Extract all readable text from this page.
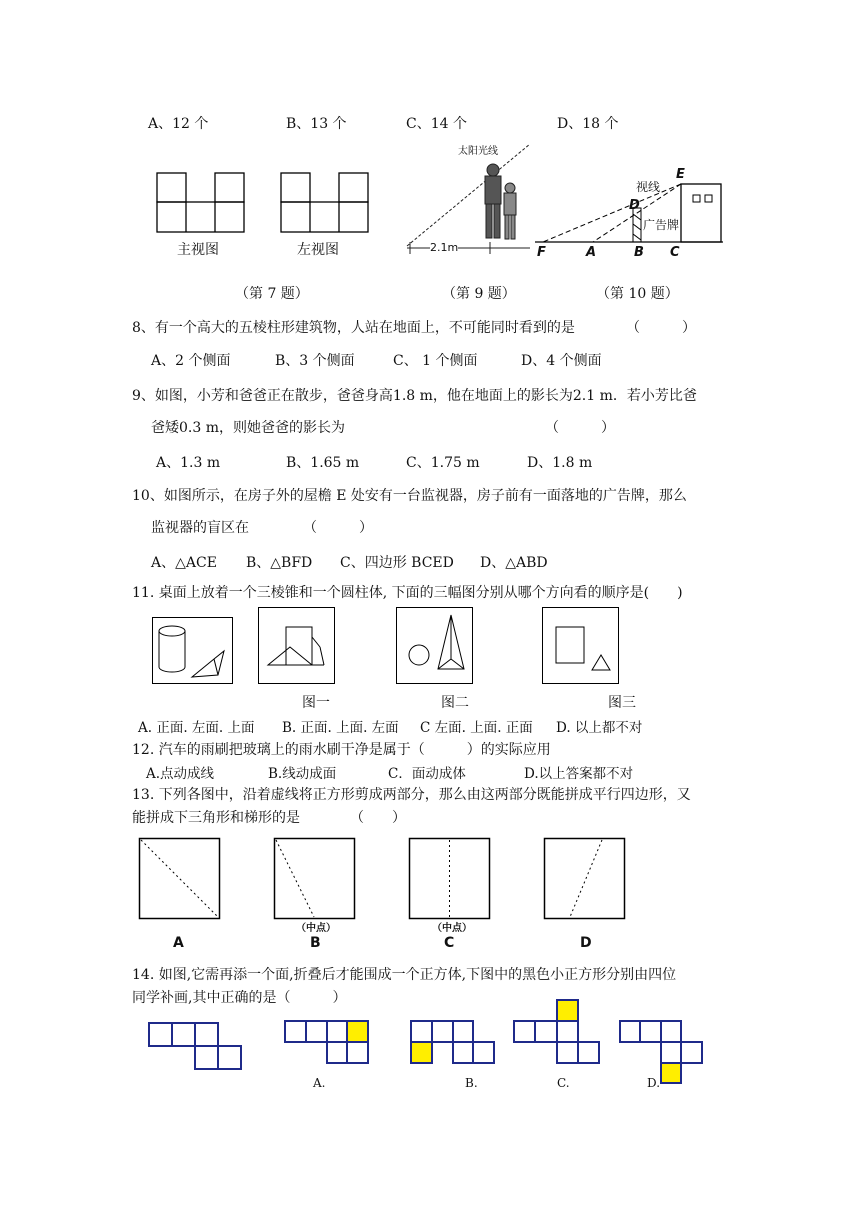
A、12 个	B、13 个	C、14 个	D、18 个
主视图	左视图
（第 7 题）
太阳光线
2.1m
（第 9 题）
视线
广告牌
E
D
F	A	B C
（第 10 题）
8、有一个高大的五棱柱形建筑物，人站在地面上，不可能同时看到的是	（　　　）
A、2 个侧面	B、3 个侧面	C、 1 个侧面	D、4 个侧面
9、如图，小芳和爸爸正在散步，爸爸身高1.8 m，他在地面上的影长为2.1 m．若小芳比爸
爸矮0.3 m，则她爸爸的影长为	（　　　）
A、1.3 m	B、1.65 m	C、1.75 m	D、1.8 m
10、如图所示，在房子外的屋檐 E 处安有一台监视器，房子前有一面落地的广告牌，那么
监视器的盲区在	（　　　）
A、△ACE B、△BFD C、四边形 BCED D、△ABD
11. 桌面上放着一个三棱锥和一个圆柱体, 下面的三幅图分别从哪个方向看的顺序是(　　)
图一	图二	图三
A. 正面. 左面. 上面 B. 正面. 上面. 左面 C 左面. 上面. 正面 D. 以上都不对
12. 汽车的雨刷把玻璃上的雨水刷干净是属于（　　　）的实际应用
A.点动成线	B.线动成面	C．面动成体	D.以上答案都不对
13. 下列各图中，沿着虚线将正方形剪成两部分，那么由这两部分既能拼成平行四边形，又
能拼成下三角形和梯形的是	（　　）
（中点）	（中点）
A	B	C	D
14. 如图,它需再添一个面,折叠后才能围成一个正方体,下图中的黑色小正方形分别由四位
同学补画,其中正确的是（　　　）
A.	B.	C.	D.
